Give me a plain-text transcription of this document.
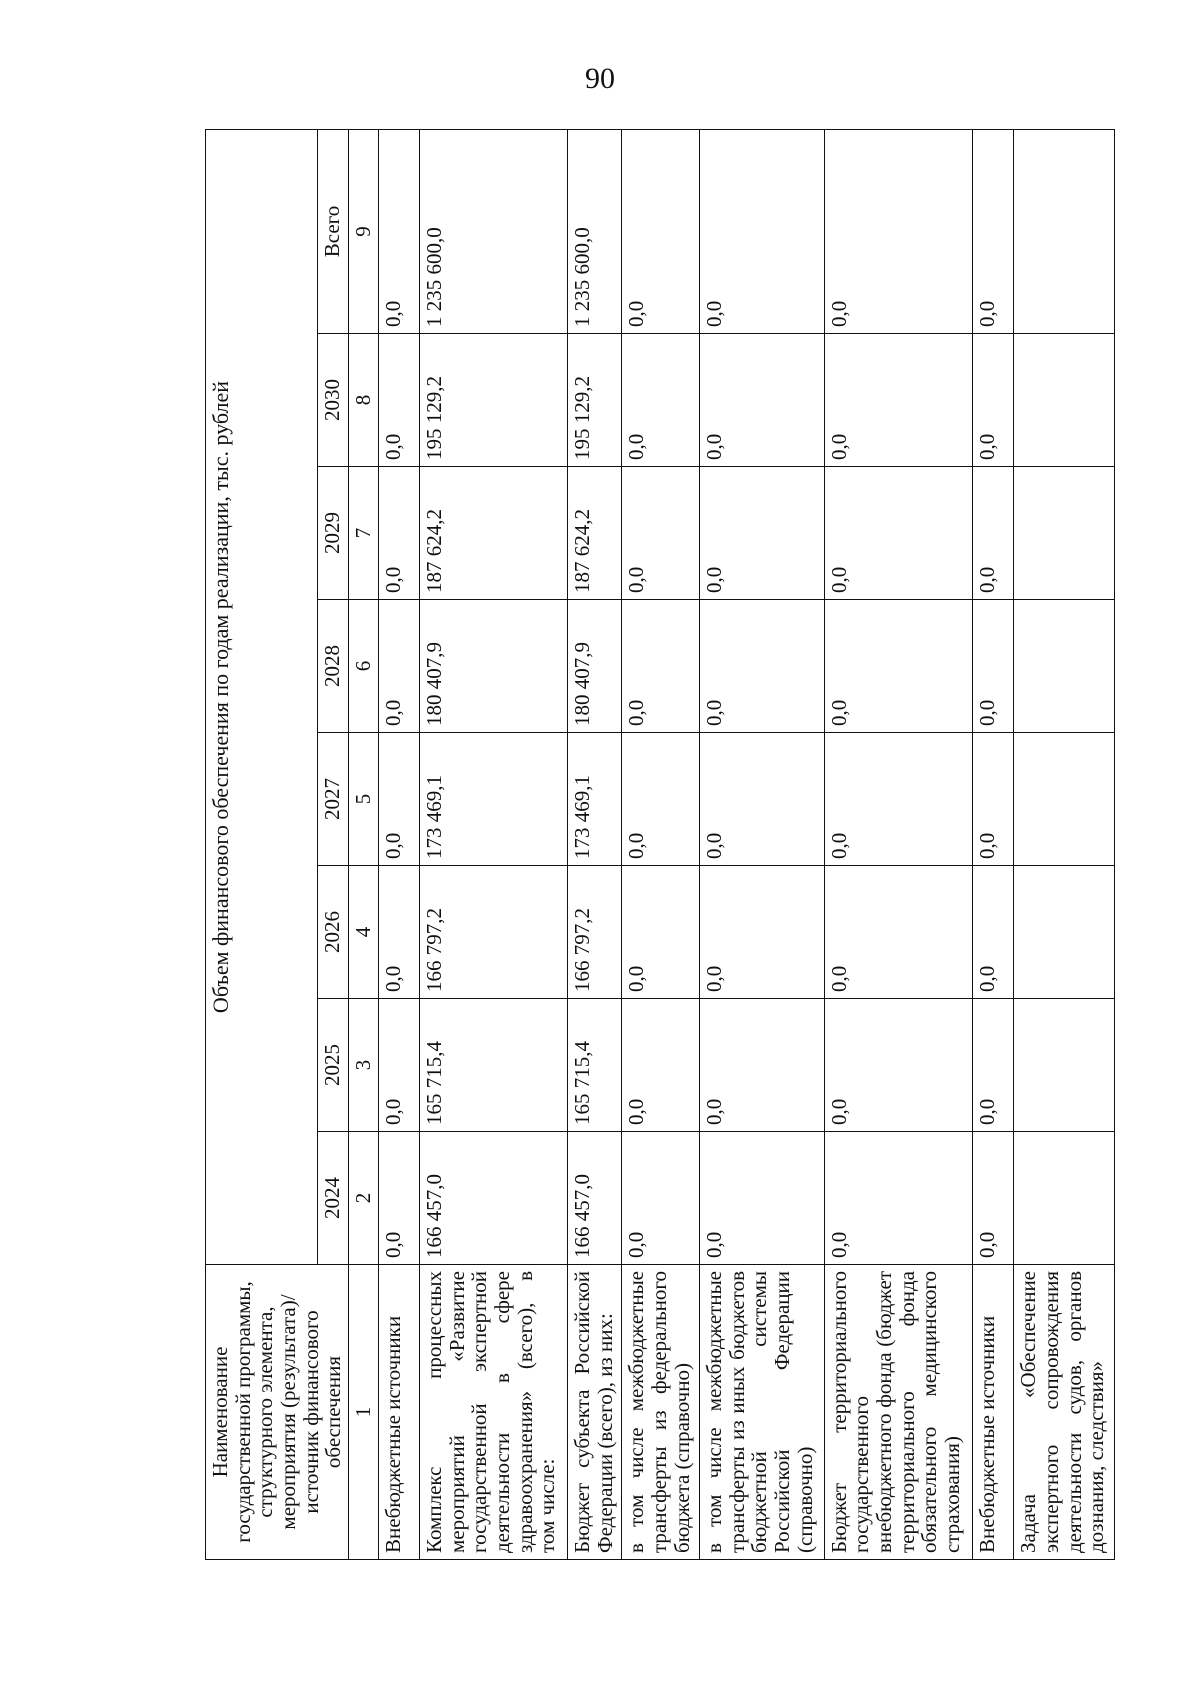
90
Наименование государственной программы, структурного элемента, мероприятия (результата)/источник финансового обеспечения	Объем финансового обеспечения по годам реализации, тыс. рублей							
	2024	2025	2026	2027	2028	2029	2030	Всего
1	2	3	4	5	6	7	8	9
Внебюджетные источники	0,0	0,0	0,0	0,0	0,0	0,0	0,0	0,0
Комплекс процессных мероприятий «Развитие государственной экспертной деятельности в сфере здравоохранения» (всего), в том числе:	166 457,0	165 715,4	166 797,2	173 469,1	180 407,9	187 624,2	195 129,2	1 235 600,0
Бюджет субъекта Российской Федерации (всего), из них:	166 457,0	165 715,4	166 797,2	173 469,1	180 407,9	187 624,2	195 129,2	1 235 600,0
в том числе межбюджетные трансферты из федерального бюджета (справочно)	0,0	0,0	0,0	0,0	0,0	0,0	0,0	0,0
в том числе межбюджетные трансферты из иных бюджетов бюджетной системы Российской Федерации (справочно)	0,0	0,0	0,0	0,0	0,0	0,0	0,0	0,0
Бюджет территориального государственного внебюджетного фонда (бюджет территориального фонда обязательного медицинского страхования)	0,0	0,0	0,0	0,0	0,0	0,0	0,0	0,0
Внебюджетные источники	0,0	0,0	0,0	0,0	0,0	0,0	0,0	0,0
Задача «Обеспечение экспертного сопровождения деятельности судов, органов дознания, следствия»								
